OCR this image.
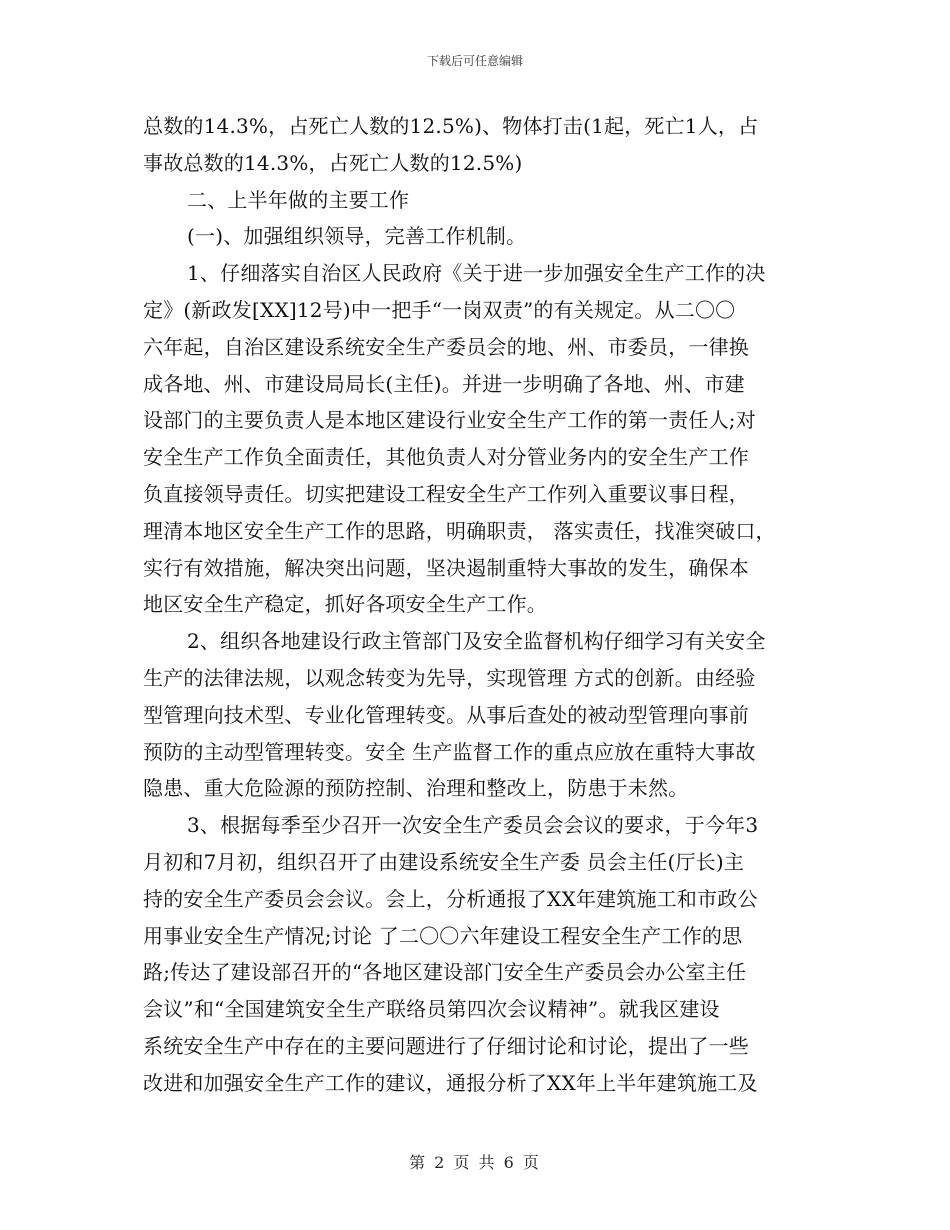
下载后可任意编辑
总数的14.3%，占死亡人数的12.5%)、物体打击(1起，死亡1人，占
事故总数的14.3%，占死亡人数的12.5%)
二、上半年做的主要工作
(一)、加强组织领导，完善工作机制。
1、仔细落实自治区人民政府《关于进一步加强安全生产工作的决
定》(新政发[XX]12号)中一把手“一岗双责”的有关规定。从二〇〇
六年起，自治区建设系统安全生产委员会的地、州、市委员，一律换
成各地、州、市建设局局长(主任)。并进一步明确了各地、州、市建
设部门的主要负责人是本地区建设行业安全生产工作的第一责任人;对
安全生产工作负全面责任，其他负责人对分管业务内的安全生产工作
负直接领导责任。切实把建设工程安全生产工作列入重要议事日程，
理清本地区安全生产工作的思路，明确职责， 落实责任，找准突破口，
实行有效措施，解决突出问题，坚决遏制重特大事故的发生，确保本
地区安全生产稳定，抓好各项安全生产工作。
2、组织各地建设行政主管部门及安全监督机构仔细学习有关安全
生产的法律法规，以观念转变为先导，实现管理 方式的创新。由经验
型管理向技术型、专业化管理转变。从事后查处的被动型管理向事前
预防的主动型管理转变。安全 生产监督工作的重点应放在重特大事故
隐患、重大危险源的预防控制、治理和整改上，防患于未然。
3、根据每季至少召开一次安全生产委员会会议的要求，于今年3
月初和7月初，组织召开了由建设系统安全生产委 员会主任(厅长)主
持的安全生产委员会会议。会上，分析通报了XX年建筑施工和市政公
用事业安全生产情况;讨论 了二〇〇六年建设工程安全生产工作的思
路;传达了建设部召开的“各地区建设部门安全生产委员会办公室主任
会议”和“全国建筑安全生产联络员第四次会议精神”。就我区建设
系统安全生产中存在的主要问题进行了仔细讨论和讨论，提出了一些
改进和加强安全生产工作的建议，通报分析了XX年上半年建筑施工及
第 2 页 共 6 页
